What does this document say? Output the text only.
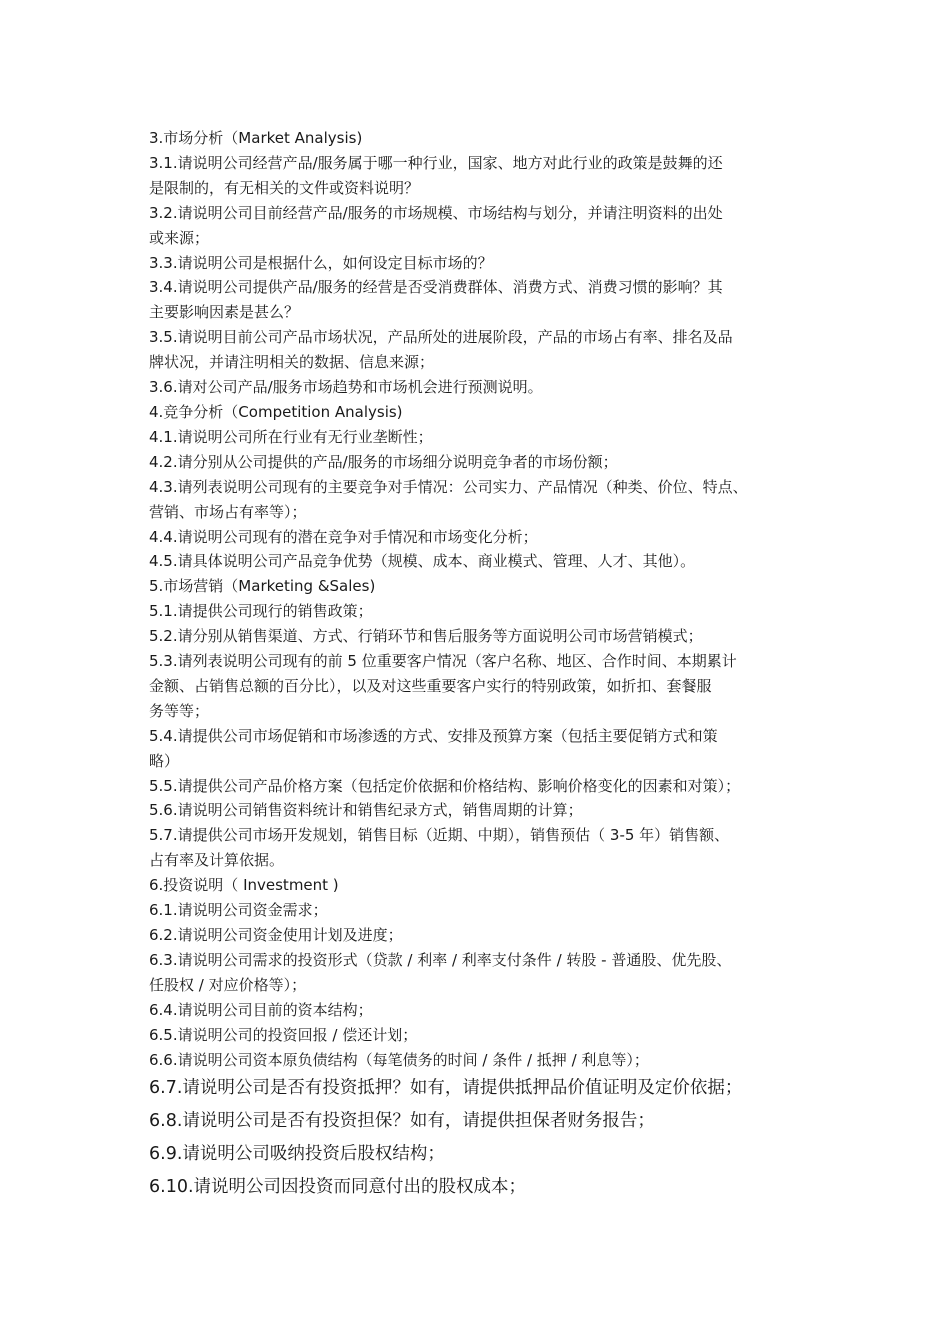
3.市场分析（Market Analysis)

3.1.请说明公司经营产品/服务属于哪一种行业，国家、地方对此行业的政策是鼓舞的还

是限制的，有无相关的文件或资料说明？

3.2.请说明公司目前经营产品/服务的市场规模、市场结构与划分，并请注明资料的出处

或来源；

3.3.请说明公司是根据什么，如何设定目标市场的？

3.4.请说明公司提供产品/服务的经营是否受消费群体、消费方式、消费习惯的影响？其

主要影响因素是甚么？

3.5.请说明目前公司产品市场状况，产品所处的进展阶段，产品的市场占有率、排名及品

牌状况，并请注明相关的数据、信息来源；

3.6.请对公司产品/服务市场趋势和市场机会进行预测说明。

4.竞争分析（Competition Analysis)

4.1.请说明公司所在行业有无行业垄断性；

4.2.请分别从公司提供的产品/服务的市场细分说明竞争者的市场份额；

4.3.请列表说明公司现有的主要竞争对手情况：公司实力、产品情况（种类、价位、特点、

营销、市场占有率等）；

4.4.请说明公司现有的潜在竞争对手情况和市场变化分析；

4.5.请具体说明公司产品竞争优势（规模、成本、商业模式、管理、人才、其他）。

5.市场营销（Marketing &Sales)

5.1.请提供公司现行的销售政策；

5.2.请分别从销售渠道、方式、行销环节和售后服务等方面说明公司市场营销模式；

5.3.请列表说明公司现有的前 5 位重要客户情况（客户名称、地区、合作时间、本期累计

金额、占销售总额的百分比），以及对这些重要客户实行的特别政策，如折扣、套餐服

务等等；

5.4.请提供公司市场促销和市场渗透的方式、安排及预算方案（包括主要促销方式和策

略）

5.5.请提供公司产品价格方案（包括定价依据和价格结构、影响价格变化的因素和对策）；

5.6.请说明公司销售资料统计和销售纪录方式，销售周期的计算；

5.7.请提供公司市场开发规划，销售目标（近期、中期），销售预估（ 3-5 年）销售额、

占有率及计算依据。

6.投资说明（ Investment )

6.1.请说明公司资金需求；

6.2.请说明公司资金使用计划及进度；

6.3.请说明公司需求的投资形式（贷款 / 利率 / 利率支付条件 / 转股 - 普通股、优先股、

任股权 / 对应价格等）；

6.4.请说明公司目前的资本结构；

6.5.请说明公司的投资回报 / 偿还计划；

6.6.请说明公司资本原负债结构（每笔债务的时间 / 条件 / 抵押 / 利息等）；

6.7.请说明公司是否有投资抵押？如有，请提供抵押品价值证明及定价依据；

6.8.请说明公司是否有投资担保？如有，请提供担保者财务报告；

6.9.请说明公司吸纳投资后股权结构；

6.10.请说明公司因投资而同意付出的股权成本；
